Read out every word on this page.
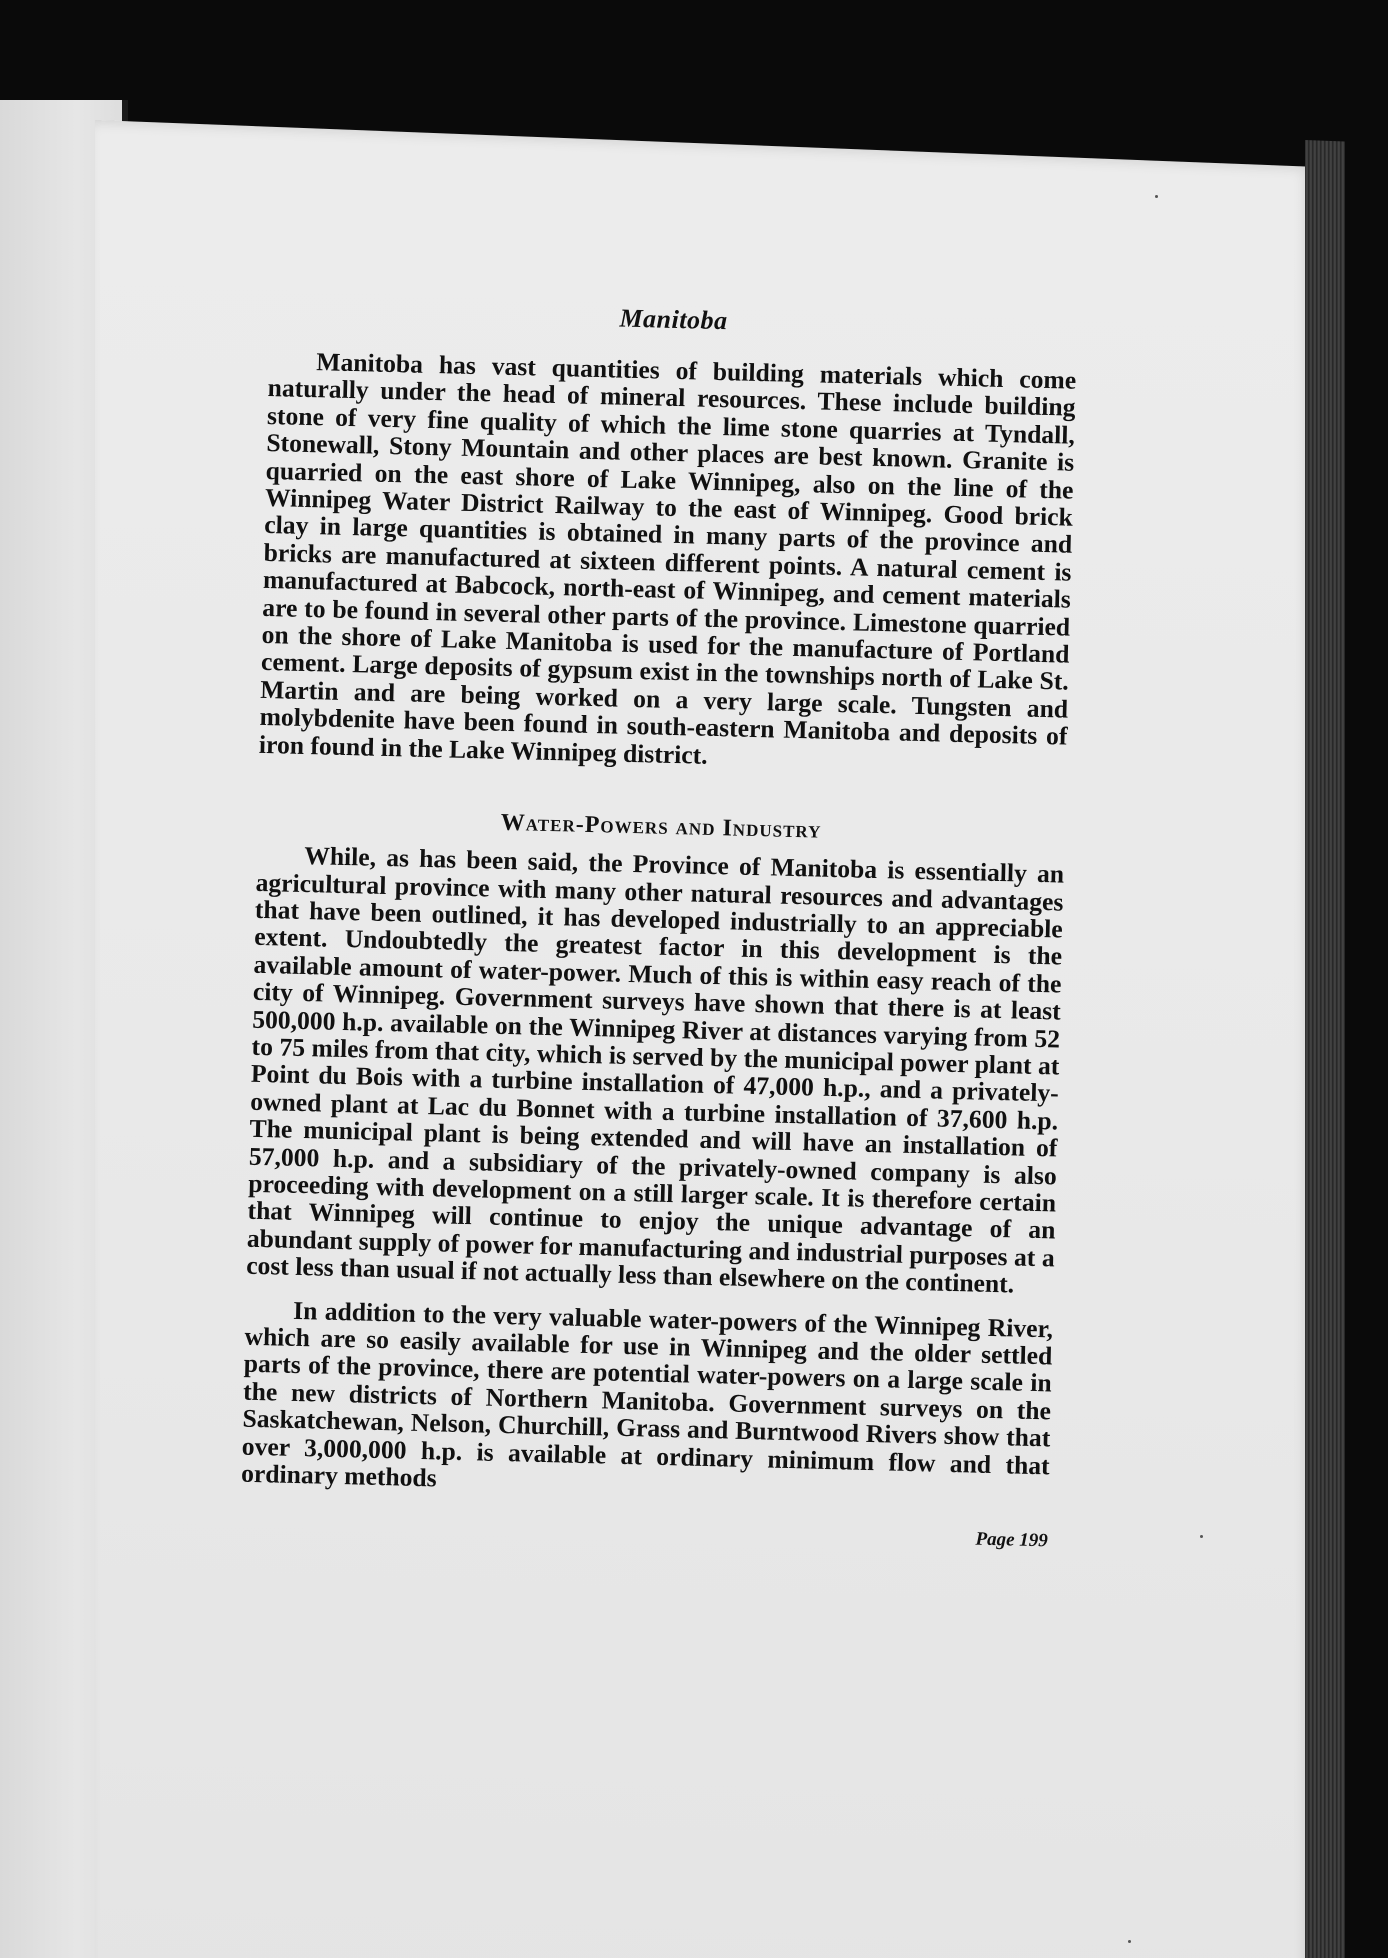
Manitoba

Manitoba has vast quantities of building materials which come naturally under the head of mineral resources. These include building stone of very fine quality of which the lime stone quarries at Tyndall, Stonewall, Stony Mountain and other places are best known. Granite is quarried on the east shore of Lake Winnipeg, also on the line of the Winnipeg Water District Railway to the east of Winnipeg. Good brick clay in large quantities is obtained in many parts of the province and bricks are manufactured at sixteen different points. A natural cement is manufactured at Babcock, north-east of Winnipeg, and cement materials are to be found in several other parts of the province. Limestone quarried on the shore of Lake Manitoba is used for the manufacture of Portland cement. Large deposits of gypsum exist in the townships north of Lake St. Martin and are being worked on a very large scale. Tungsten and molybdenite have been found in south-eastern Manitoba and deposits of iron found in the Lake Winnipeg district.

Water-Powers and Industry

While, as has been said, the Province of Manitoba is essentially an agricultural province with many other natural resources and advantages that have been outlined, it has developed industrially to an appreciable extent. Undoubtedly the greatest factor in this development is the available amount of water-power. Much of this is within easy reach of the city of Winnipeg. Government surveys have shown that there is at least 500,000 h.p. available on the Winnipeg River at distances varying from 52 to 75 miles from that city, which is served by the municipal power plant at Point du Bois with a turbine installation of 47,000 h.p., and a privately-owned plant at Lac du Bonnet with a turbine installation of 37,600 h.p. The municipal plant is being extended and will have an installation of 57,000 h.p. and a subsidiary of the privately-owned company is also proceeding with development on a still larger scale. It is therefore certain that Winnipeg will continue to enjoy the unique advantage of an abundant supply of power for manufacturing and industrial purposes at a cost less than usual if not actually less than elsewhere on the continent.

In addition to the very valuable water-powers of the Winnipeg River, which are so easily available for use in Winnipeg and the older settled parts of the province, there are potential water-powers on a large scale in the new districts of Northern Manitoba. Government surveys on the Saskatchewan, Nelson, Churchill, Grass and Burntwood Rivers show that over 3,000,000 h.p. is available at ordinary minimum flow and that ordinary methods

Page 199
